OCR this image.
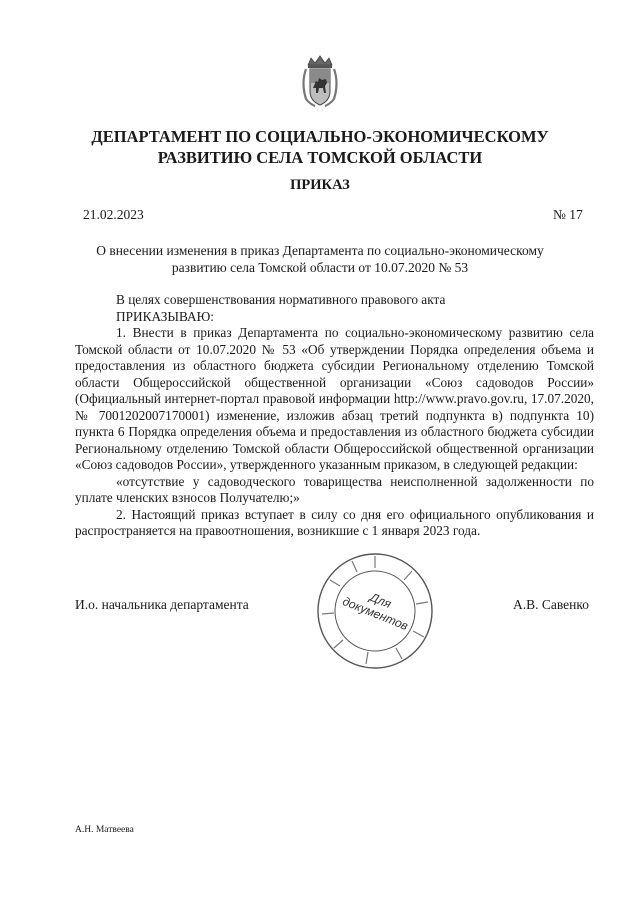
ДЕПАРТАМЕНТ ПО СОЦИАЛЬНО-ЭКОНОМИЧЕСКОМУ
РАЗВИТИЮ СЕЛА ТОМСКОЙ ОБЛАСТИ
ПРИКАЗ
21.02.2023	№ 17
О внесении изменения в приказ Департамента по социально-экономическому
развитию села Томской области от 10.07.2020 № 53

В целях совершенствования нормативного правового акта

ПРИКАЗЫВАЮ:

1. Внести в приказ Департамента по социально-экономическому развитию села Томской области от 10.07.2020 № 53 «Об утверждении Порядка определения объема и предоставления из областного бюджета субсидии Региональному отделению Томской области Общероссийской общественной организации «Союз садоводов России» (Официальный интернет-портал правовой информации http://www.pravo.gov.ru, 17.07.2020, № 7001202007170001) изменение, изложив абзац третий подпункта в) подпункта 10) пункта 6 Порядка определения объема и предоставления из областного бюджета субсидии Региональному отделению Томской области Общероссийской общественной организации «Союз садоводов России», утвержденного указанным приказом, в следующей редакции:

«отсутствие у садоводческого товарищества неисполненной задолженности по уплате членских взносов Получателю;»

2. Настоящий приказ вступает в силу со дня его официального опубликования и распространяется на правоотношения, возникшие с 1 января 2023 года.

И.о. начальника департамента	А.В. Савенко
Для документов
А.Н. Матвеева
